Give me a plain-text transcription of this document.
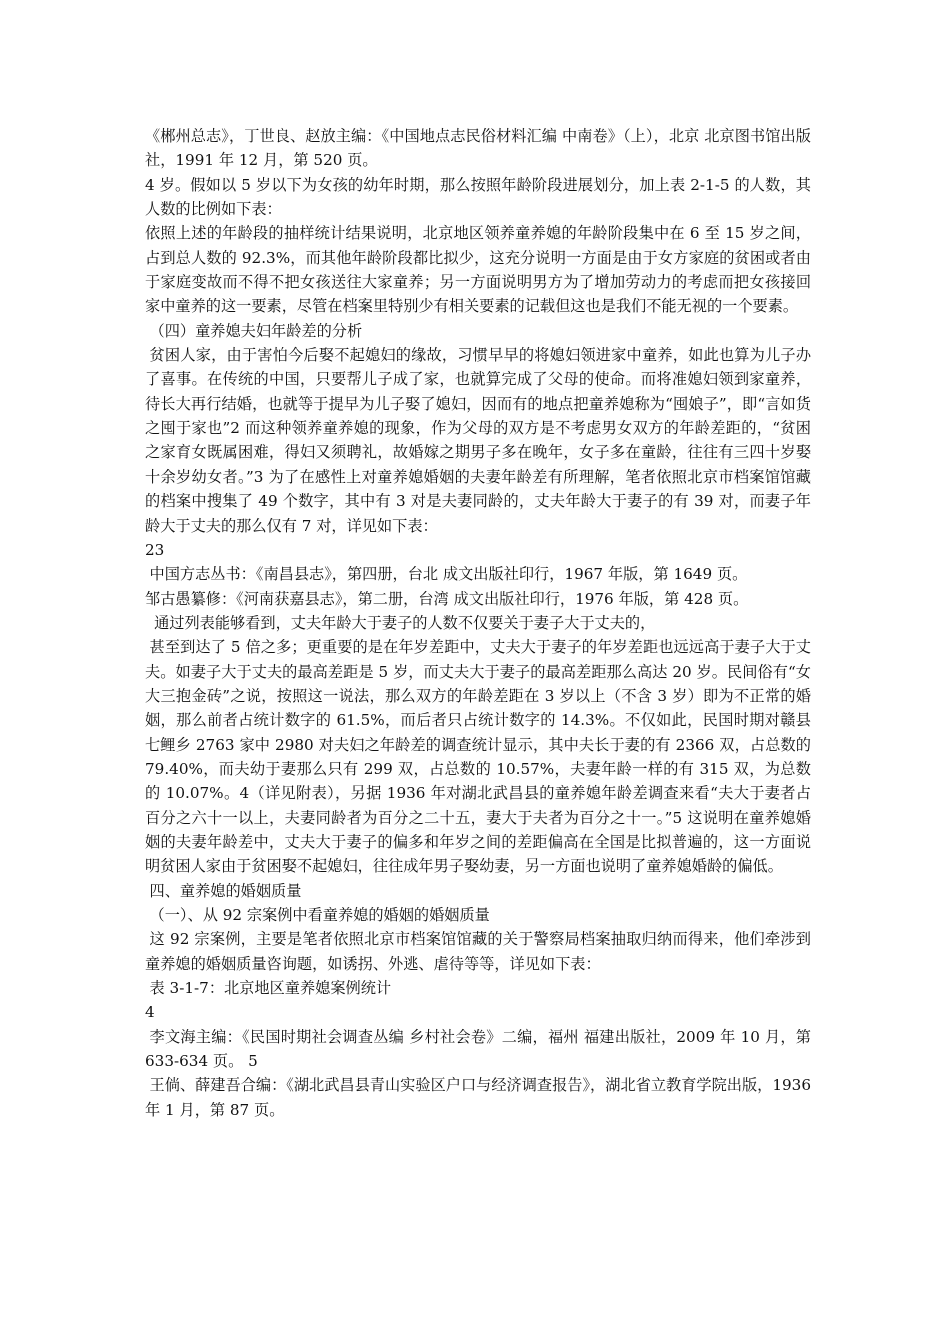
《郴州总志》，丁世良、赵放主编：《中国地点志民俗材料汇编 中南卷》（上），北京 北京图书馆出版社，1991 年 12 月，第 520 页。

4 岁。假如以 5 岁以下为女孩的幼年时期，那么按照年龄阶段进展划分，加上表 2-1-5 的人数，其人数的比例如下表：

依照上述的年龄段的抽样统计结果说明，北京地区领养童养媳的年龄阶段集中在 6 至 15 岁之间，占到总人数的 92.3%，而其他年龄阶段都比拟少，这充分说明一方面是由于女方家庭的贫困或者由于家庭变故而不得不把女孩送往大家童养；另一方面说明男方为了增加劳动力的考虑而把女孩接回家中童养的这一要素，尽管在档案里特别少有相关要素的记载但这也是我们不能无视的一个要素。

（四）童养媳夫妇年龄差的分析

贫困人家，由于害怕今后娶不起媳妇的缘故，习惯早早的将媳妇领进家中童养，如此也算为儿子办了喜事。在传统的中国，只要帮儿子成了家，也就算完成了父母的使命。而将准媳妇领到家童养，待长大再行结婚，也就等于提早为儿子娶了媳妇，因而有的地点把童养媳称为“囤娘子”，即“言如货之囤于家也”2 而这种领养童养媳的现象，作为父母的双方是不考虑男女双方的年龄差距的，“贫困之家育女既属困难，得妇又须聘礼，故婚嫁之期男子多在晚年，女子多在童龄，往往有三四十岁娶十余岁幼女者。”3 为了在感性上对童养媳婚姻的夫妻年龄差有所理解，笔者依照北京市档案馆馆藏的档案中搜集了 49 个数字，其中有 3 对是夫妻同龄的，丈夫年龄大于妻子的有 39 对，而妻子年龄大于丈夫的那么仅有 7 对，详见如下表：

23

中国方志丛书：《南昌县志》，第四册，台北 成文出版社印行，1967 年版，第 1649 页。

邹古愚纂修：《河南获嘉县志》，第二册，台湾 成文出版社印行，1976 年版，第 428 页。

通过列表能够看到，丈夫年龄大于妻子的人数不仅要关于妻子大于丈夫的，

甚至到达了 5 倍之多；更重要的是在年岁差距中，丈夫大于妻子的年岁差距也远远高于妻子大于丈夫。如妻子大于丈夫的最高差距是 5 岁，而丈夫大于妻子的最高差距那么高达 20 岁。民间俗有“女大三抱金砖”之说，按照这一说法，那么双方的年龄差距在 3 岁以上（不含 3 岁）即为不正常的婚姻，那么前者占统计数字的 61.5%，而后者只占统计数字的 14.3%。不仅如此，民国时期对赣县七鲤乡 2763 家中 2980 对夫妇之年龄差的调查统计显示，其中夫长于妻的有 2366 双，占总数的 79.40%，而夫幼于妻那么只有 299 双，占总数的 10.57%，夫妻年龄一样的有 315 双，为总数的 10.07%。4（详见附表），另据 1936 年对湖北武昌县的童养媳年龄差调查来看“夫大于妻者占百分之六十一以上，夫妻同龄者为百分之二十五，妻大于夫者为百分之十一。”5 这说明在童养媳婚姻的夫妻年龄差中，丈夫大于妻子的偏多和年岁之间的差距偏高在全国是比拟普遍的，这一方面说明贫困人家由于贫困娶不起媳妇，往往成年男子娶幼妻，另一方面也说明了童养媳婚龄的偏低。

四、童养媳的婚姻质量

（一）、从 92 宗案例中看童养媳的婚姻的婚姻质量

这 92 宗案例，主要是笔者依照北京市档案馆馆藏的关于警察局档案抽取归纳而得来，他们牵涉到童养媳的婚姻质量咨询题，如诱拐、外逃、虐待等等，详见如下表：

表 3-1-7：北京地区童养媳案例统计

4

李文海主编：《民国时期社会调查丛编 乡村社会卷》二编，福州 福建出版社，2009 年 10 月，第 633-634 页。 5

王倘、薛建吾合编：《湖北武昌县青山实验区户口与经济调查报告》，湖北省立教育学院出版，1936 年 1 月，第 87 页。
